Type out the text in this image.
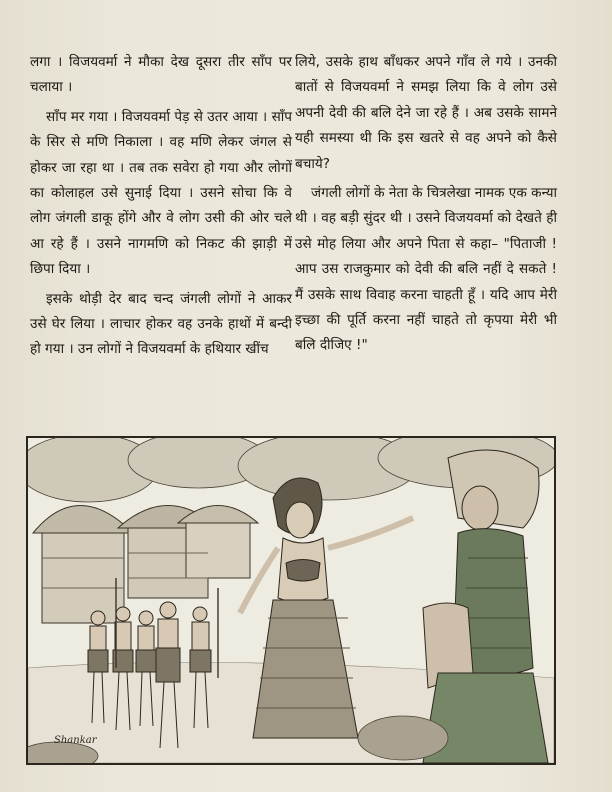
लगा । विजयवर्मा ने मौका देख दूसरा तीर साँप पर चलाया ।

साँप मर गया । विजयवर्मा पेड़ से उतर आया । साँप के सिर से मणि निकाला । वह मणि लेकर जंगल से होकर जा रहा था । तब तक सवेरा हो गया और लोगों का कोलाहल उसे सुनाई दिया । उसने सोचा कि वे लोग जंगली डाकू होंगे और वे लोग उसी की ओर चले आ रहे हैं । उसने नागमणि को निकट की झाड़ी में छिपा दिया ।

इसके थोड़ी देर बाद चन्द जंगली लोगों ने आकर उसे घेर लिया । लाचार होकर वह उनके हाथों में बन्दी हो गया । उन लोगों ने विजयवर्मा के हथियार खींच

लिये, उसके हाथ बाँधकर अपने गाँव ले गये । उनकी बातों से विजयवर्मा ने समझ लिया कि वे लोग उसे अपनी देवी की बलि देने जा रहे हैं । अब उसके सामने यही समस्या थी कि इस खतरे से वह अपने को कैसे बचाये?

जंगली लोगों के नेता के चित्रलेखा नामक एक कन्या थी । वह बड़ी सुंदर थी । उसने विजयवर्मा को देखते ही उसे मोह लिया और अपने पिता से कहा– "पिताजी ! आप उस राजकुमार को देवी की बलि नहीं दे सकते ! मैं उसके साथ विवाह करना चाहती हूँ । यदि आप मेरी इच्छा की पूर्ति करना नहीं चाहते तो कृपया मेरी भी बलि दीजिए !"

Shankar
